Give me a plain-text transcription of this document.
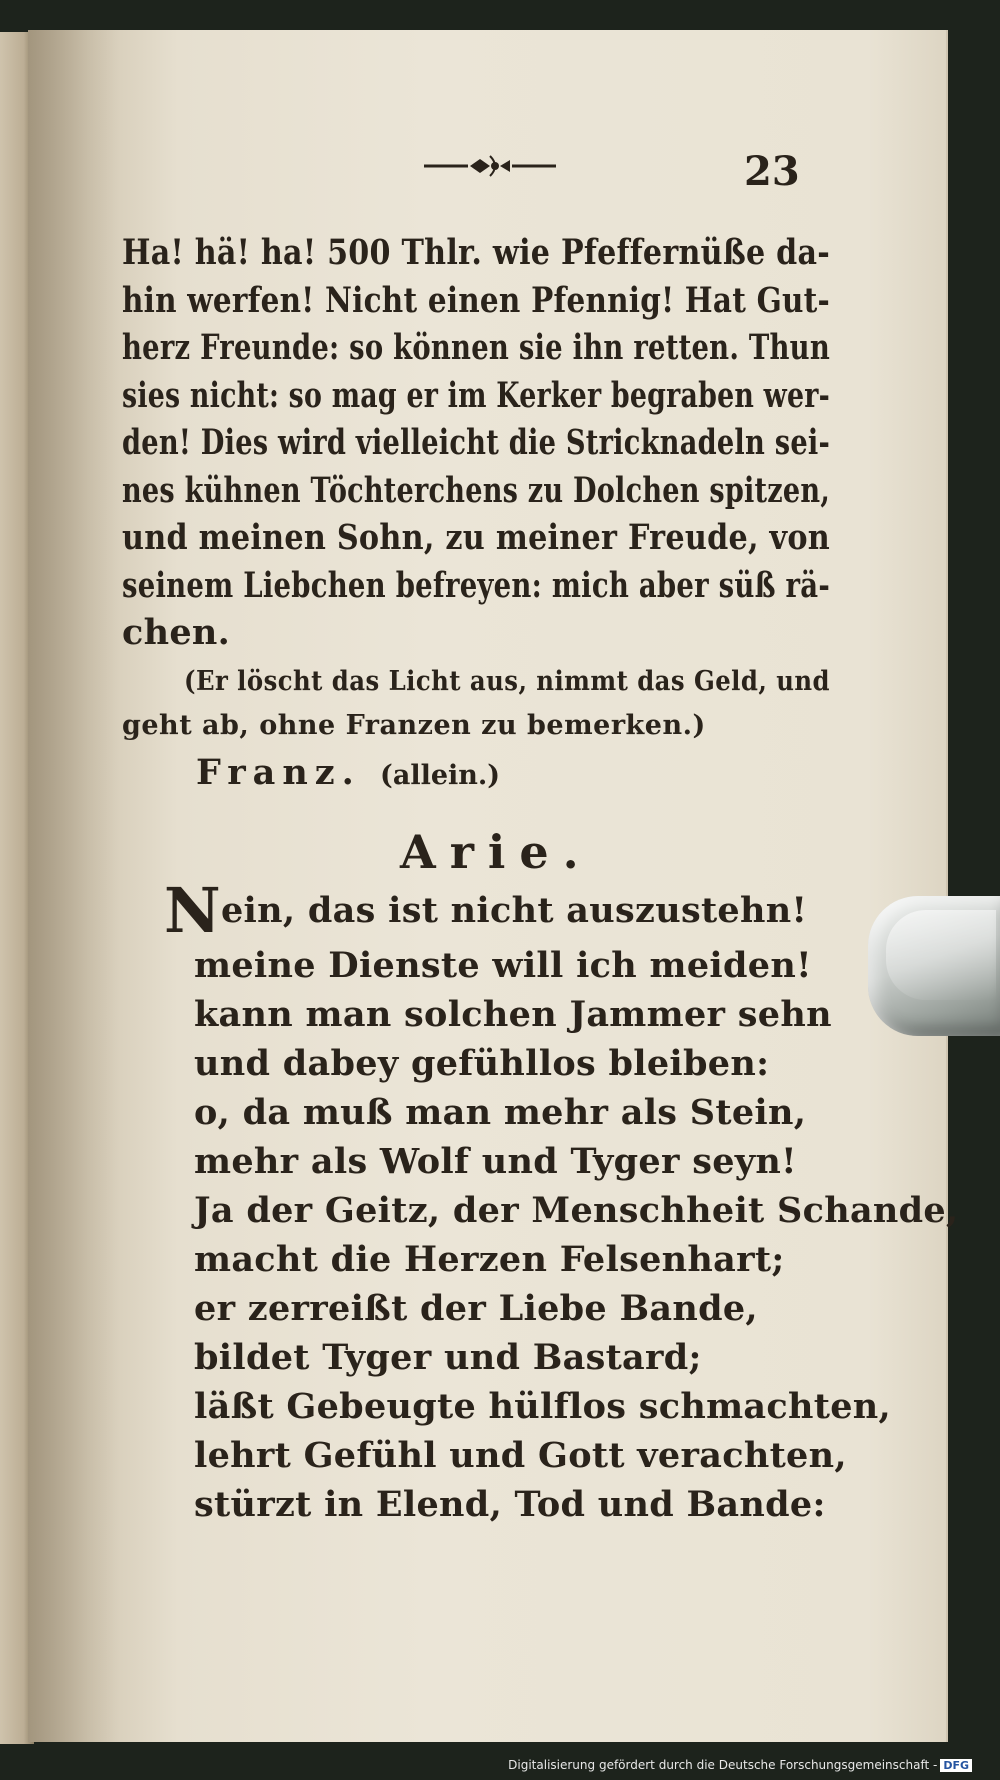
23
Ha! hä! ha! 500 Thlr. wie Pfeffernüße da-
hin werfen! Nicht einen Pfennig! Hat Gut-
herz Freunde: so können sie ihn retten. Thun
sies nicht: so mag er im Kerker begraben wer-
den! Dies wird vielleicht die Stricknadeln sei-
nes kühnen Töchterchens zu Dolchen spitzen,
und meinen Sohn, zu meiner Freude, von
seinem Liebchen befreyen: mich aber süß rä-
chen.
(Er löscht das Licht aus, nimmt das Geld, und
geht ab, ohne Franzen zu bemerken.)
Franz. (allein.)
Arie.
Nein, das ist nicht auszustehn!
meine Dienste will ich meiden!
kann man solchen Jammer sehn
und dabey gefühllos bleiben:
o, da muß man mehr als Stein,
mehr als Wolf und Tyger seyn!
Ja der Geitz, der Menschheit Schande,
macht die Herzen Felsenhart;
er zerreißt der Liebe Bande,
bildet Tyger und Bastard;
läßt Gebeugte hülflos schmachten,
lehrt Gefühl und Gott verachten,
stürzt in Elend, Tod und Bande:
Digitalisierung gefördert durch die Deutsche Forschungsgemeinschaft - DFG
